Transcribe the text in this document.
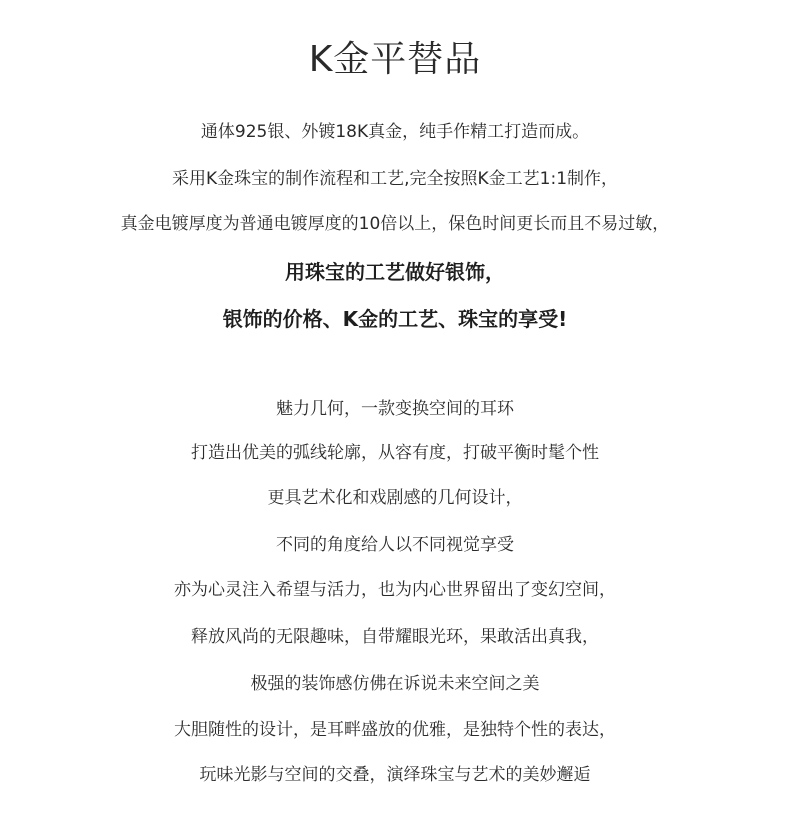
K金平替品
通体925银、外镀18K真金，纯手作精工打造而成。
采用K金珠宝的制作流程和工艺,完全按照K金工艺1:1制作，
真金电镀厚度为普通电镀厚度的10倍以上，保色时间更长而且不易过敏，
用珠宝的工艺做好银饰，
银饰的价格、K金的工艺、珠宝的享受!
魅力几何，一款变换空间的耳环
打造出优美的弧线轮廓，从容有度，打破平衡时髦个性
更具艺术化和戏剧感的几何设计，
不同的角度给人以不同视觉享受
亦为心灵注入希望与活力，也为内心世界留出了变幻空间，
释放风尚的无限趣味，自带耀眼光环，果敢活出真我，
极强的装饰感仿佛在诉说未来空间之美
大胆随性的设计，是耳畔盛放的优雅，是独特个性的表达，
玩味光影与空间的交叠，演绎珠宝与艺术的美妙邂逅
